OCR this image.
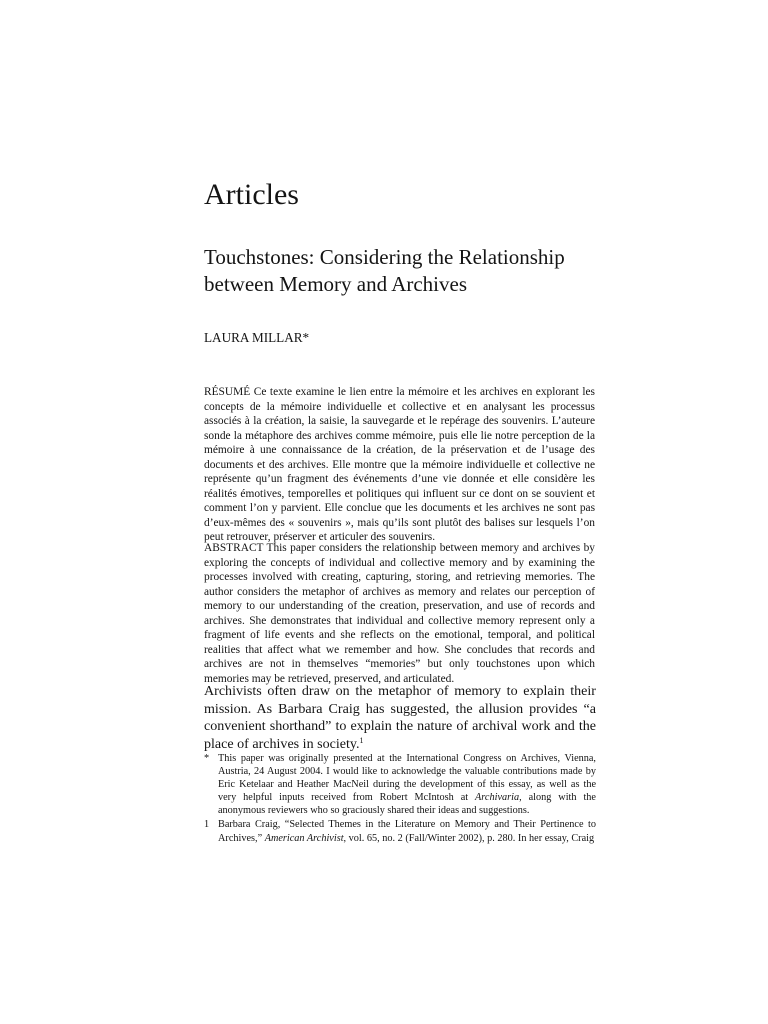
Articles
Touchstones: Considering the Relationship between Memory and Archives

LAURA MILLAR*

RÉSUMÉ Ce texte examine le lien entre la mémoire et les archives en explorant les concepts de la mémoire individuelle et collective et en analysant les processus associés à la création, la saisie, la sauvegarde et le repérage des souvenirs. L’auteure sonde la métaphore des archives comme mémoire, puis elle lie notre perception de la mémoire à une connaissance de la création, de la préservation et de l’usage des documents et des archives. Elle montre que la mémoire individuelle et collective ne représente qu’un fragment des événements d’une vie donnée et elle considère les réalités émotives, temporelles et politiques qui influent sur ce dont on se souvient et comment l’on y parvient. Elle conclue que les documents et les archives ne sont pas d’eux-mêmes des « souvenirs », mais qu’ils sont plutôt des balises sur lesquels l’on peut retrouver, préserver et articuler des souvenirs.

ABSTRACT This paper considers the relationship between memory and archives by exploring the concepts of individual and collective memory and by examining the processes involved with creating, capturing, storing, and retrieving memories. The author considers the metaphor of archives as memory and relates our perception of memory to our understanding of the creation, preservation, and use of records and archives. She demonstrates that individual and collective memory represent only a fragment of life events and she reflects on the emotional, temporal, and political realities that affect what we remember and how. She concludes that records and archives are not in themselves “memories” but only touchstones upon which memories may be retrieved, preserved, and articulated.

Archivists often draw on the metaphor of memory to explain their mission. As Barbara Craig has suggested, the allusion provides “a convenient shorthand” to explain the nature of archival work and the place of archives in society.$^1$

* This paper was originally presented at the International Congress on Archives, Vienna, Austria, 24 August 2004. I would like to acknowledge the valuable contributions made by Eric Ketelaar and Heather MacNeil during the development of this essay, as well as the very helpful inputs received from Robert McIntosh at Archivaria, along with the anonymous reviewers who so graciously shared their ideas and suggestions.
1 Barbara Craig, “Selected Themes in the Literature on Memory and Their Pertinence to Archives,” American Archivist, vol. 65, no. 2 (Fall/Winter 2002), p. 280. In her essay, Craig
